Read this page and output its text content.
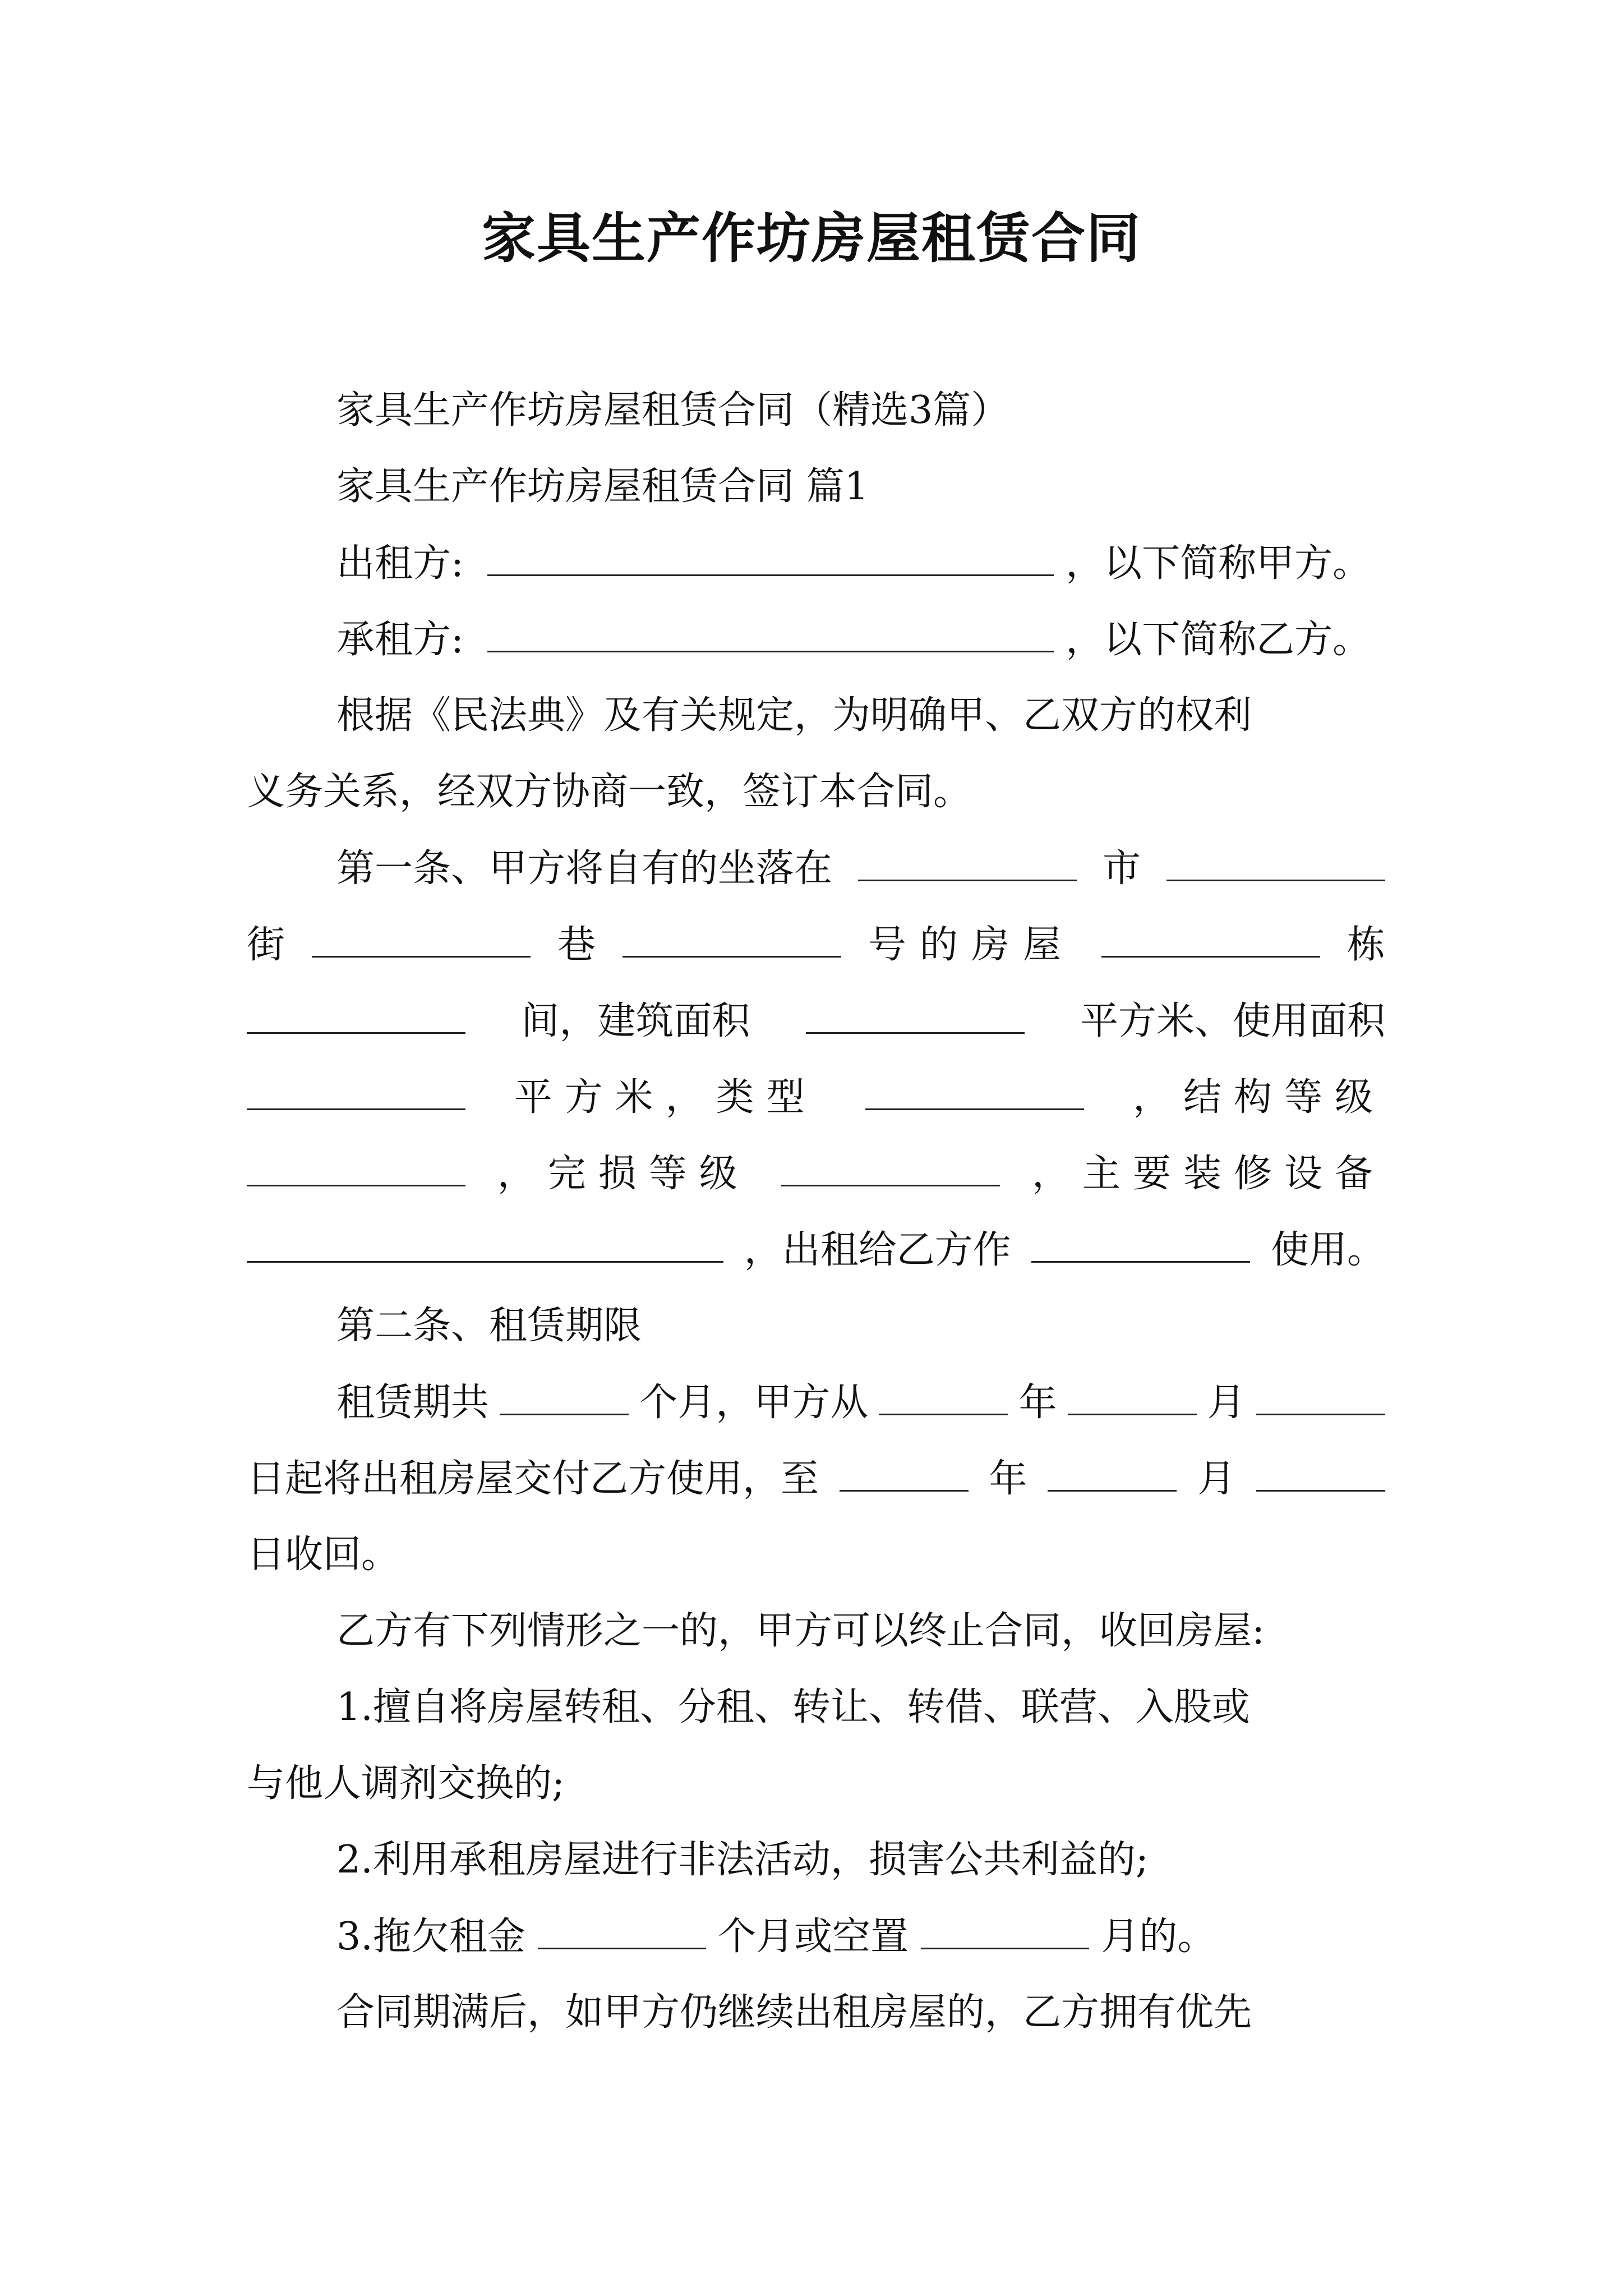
家具生产作坊房屋租赁合同
家具生产作坊房屋租赁合同（精选3篇）
家具生产作坊房屋租赁合同 篇1
出租方:	，以下简称甲方。
承租方:	，以下简称乙方。
根据《民法典》及有关规定，为明确甲、乙双方的权利
义务关系，经双方协商一致，签订本合同。
第一条、甲方将自有的坐落在	市
街	巷	号的房屋	栋
间，建筑面积	平方米、使用面积
平方米，类型	，结构等级
，完损等级	，主要装修设备
，出租给乙方作	使用。
第二条、租赁期限
租赁期共	个月，甲方从	年	月
日起将出租房屋交付乙方使用，至	年	月
日收回。
乙方有下列情形之一的，甲方可以终止合同，收回房屋:
1.擅自将房屋转租、分租、转让、转借、联营、入股或
与他人调剂交换的;
2.利用承租房屋进行非法活动，损害公共利益的;
3.拖欠租金	个月或空置	月的。
合同期满后，如甲方仍继续出租房屋的，乙方拥有优先
